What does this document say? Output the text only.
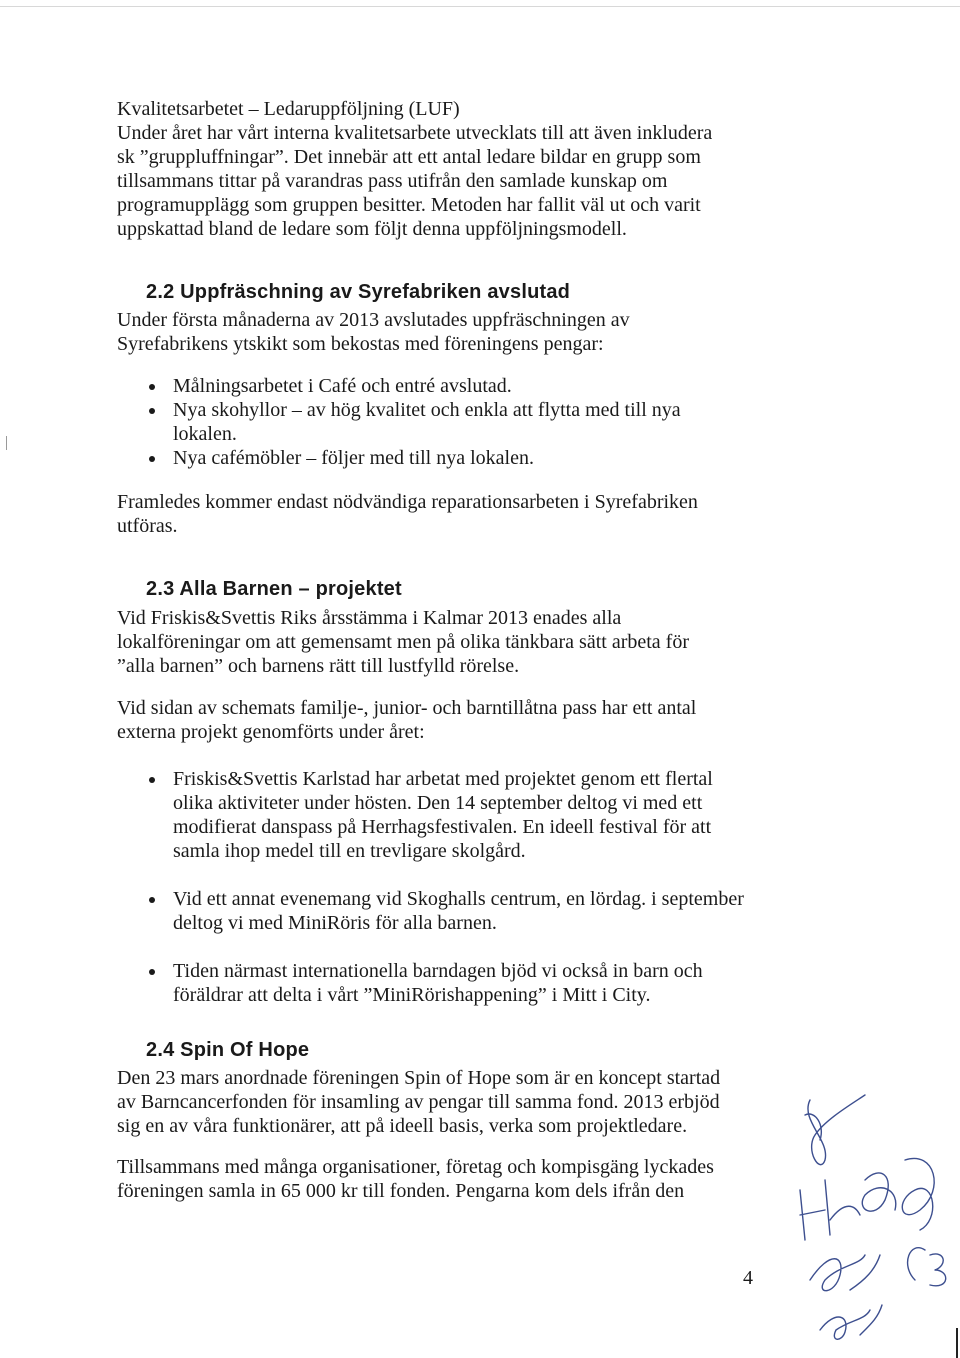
Kvalitetsarbetet – Ledaruppföljning (LUF)

Under året har vårt interna kvalitetsarbete utvecklats till att även inkludera

sk ”gruppluffningar”. Det innebär att ett antal ledare bildar en grupp som

tillsammans tittar på varandras pass utifrån den samlade kunskap om

programupplägg som gruppen besitter. Metoden har fallit väl ut och varit

uppskattad bland de ledare som följt denna uppföljningsmodell.

2.2 Uppfräschning av Syrefabriken avslutad

Under första månaderna av 2013 avslutades uppfräschningen av

Syrefabrikens ytskikt som bekostas med föreningens pengar:

Målningsarbetet i Café och entré avslutad.
Nya skohyllor – av hög kvalitet och enkla att flytta med till nya lokalen.
Nya cafémöbler – följer med till nya lokalen.

Framledes kommer endast nödvändiga reparationsarbeten i Syrefabriken

utföras.

2.3 Alla Barnen – projektet

Vid Friskis&Svettis Riks årsstämma i Kalmar 2013 enades alla

lokalföreningar om att gemensamt men på olika tänkbara sätt arbeta för

”alla barnen” och barnens rätt till lustfylld rörelse.

Vid sidan av schemats familje-, junior- och barntillåtna pass har ett antal

externa projekt genomförts under året:

Friskis&Svettis Karlstad har arbetat med projektet genom ett flertal olika aktiviteter under hösten. Den 14 september deltog vi med ett modifierat danspass på Herrhagsfestivalen. En ideell festival för att samla ihop medel till en trevligare skolgård.
Vid ett annat evenemang vid Skoghalls centrum, en lördag. i september deltog vi med MiniRöris för alla barnen.
Tiden närmast internationella barndagen bjöd vi också in barn och föräldrar att delta i vårt ”MiniRörishappening” i Mitt i City.
2.4 Spin Of Hope

Den 23 mars anordnade föreningen Spin of Hope som är en koncept startad

av Barncancerfonden för insamling av pengar till samma fond. 2013 erbjöd

sig en av våra funktionärer, att på ideell basis, verka som projektledare.

Tillsammans med många organisationer, företag och kompisgäng lyckades

föreningen samla in 65 000 kr till fonden. Pengarna kom dels ifrån den

4
